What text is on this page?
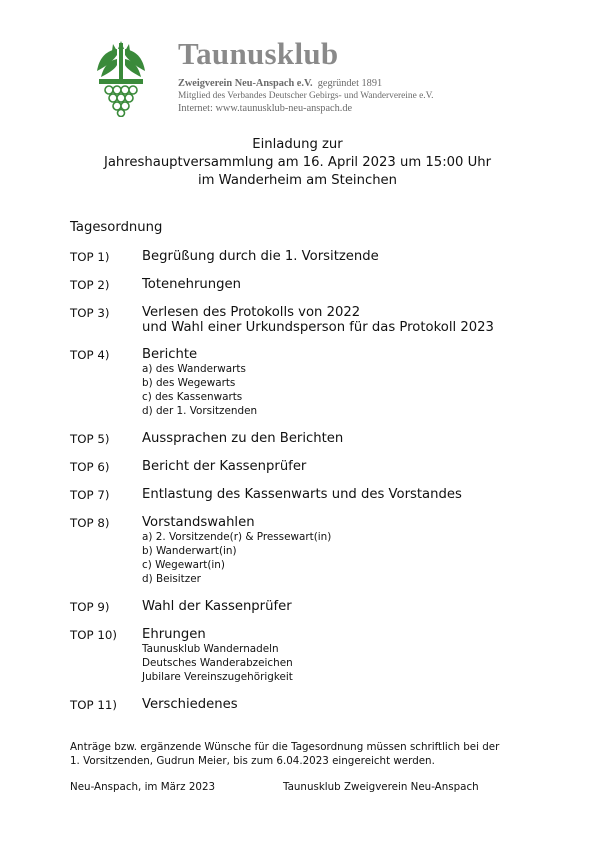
Taunusklub
Zweigverein Neu-Anspach e.V. gegründet 1891
Mitglied des Verbandes Deutscher Gebirgs- und Wandervereine e.V.
Internet: www.taunusklub-neu-anspach.de
Einladung zur
Jahreshauptversammlung am 16. April 2023 um 15:00 Uhr
im Wanderheim am Steinchen
Tagesordnung
TOP 1) Begrüßung durch die 1. Vorsitzende
TOP 2) Totenehrungen
TOP 3) Verlesen des Protokolls von 2022
und Wahl einer Urkundsperson für das Protokoll 2023
TOP 4) Berichte
a) des Wanderwarts
b) des Wegewarts
c) des Kassenwarts
d) der 1. Vorsitzenden
TOP 5) Aussprachen zu den Berichten
TOP 6) Bericht der Kassenprüfer
TOP 7) Entlastung des Kassenwarts und des Vorstandes
TOP 8) Vorstandswahlen
a) 2. Vorsitzende(r) & Pressewart(in)
b) Wanderwart(in)
c) Wegewart(in)
d) Beisitzer
TOP 9) Wahl der Kassenprüfer
TOP 10) Ehrungen
Taunusklub Wandernadeln
Deutsches Wanderabzeichen
Jubilare Vereinszugehörigkeit
TOP 11) Verschiedenes
Anträge bzw. ergänzende Wünsche für die Tagesordnung müssen schriftlich bei der
1. Vorsitzenden, Gudrun Meier, bis zum 6.04.2023 eingereicht werden.
Neu-Anspach, im März 2023	Taunusklub Zweigverein Neu-Anspach
